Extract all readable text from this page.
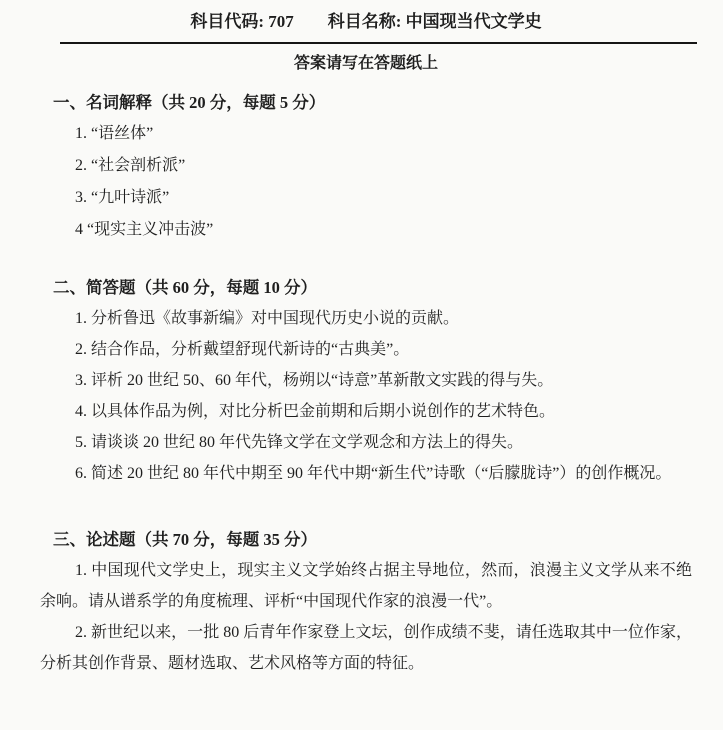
科目代码: 707 科目名称: 中国现当代文学史
答案请写在答题纸上
一、名词解释（共 20 分，每题 5 分）

1. “语丝体”

2. “社会剖析派”

3. “九叶诗派”

4 “现实主义冲击波”

二、简答题（共 60 分，每题 10 分）

1. 分析鲁迅《故事新编》对中国现代历史小说的贡献。

2. 结合作品，分析戴望舒现代新诗的“古典美”。

3. 评析 20 世纪 50、60 年代，杨朔以“诗意”革新散文实践的得与失。

4. 以具体作品为例，对比分析巴金前期和后期小说创作的艺术特色。

5. 请谈谈 20 世纪 80 年代先锋文学在文学观念和方法上的得失。

6. 简述 20 世纪 80 年代中期至 90 年代中期“新生代”诗歌（“后朦胧诗”）的创作概况。

三、论述题（共 70 分，每题 35 分）

1. 中国现代文学史上，现实主义文学始终占据主导地位，然而，浪漫主义文学从来不绝余响。请从谱系学的角度梳理、评析“中国现代作家的浪漫一代”。

2. 新世纪以来，一批 80 后青年作家登上文坛，创作成绩不斐，请任选取其中一位作家，分析其创作背景、题材选取、艺术风格等方面的特征。
